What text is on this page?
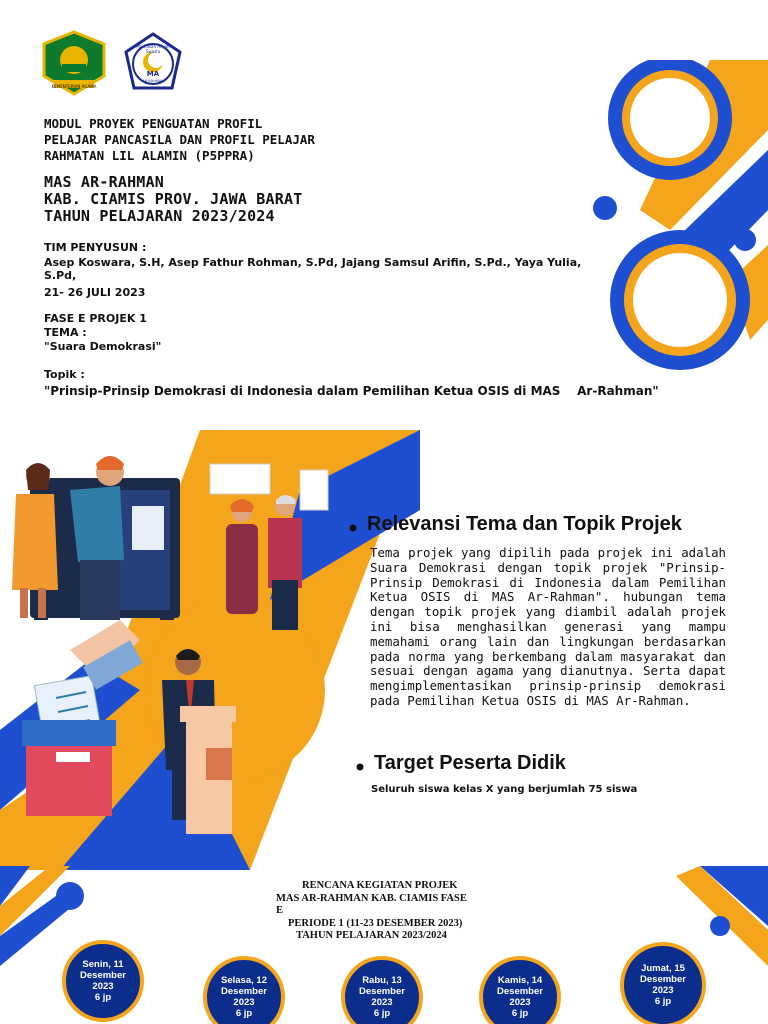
KEMENTERIAN AGAMA
Madrasah Aliyah Swasta
MA
AR-RAHMAN
MODUL PROYEK PENGUATAN PROFIL
PELAJAR PANCASILA DAN PROFIL PELAJAR
RAHMATAN LIL ALAMIN (P5PPRA)
MAS AR-RAHMAN
KAB. CIAMIS PROV. JAWA BARAT
TAHUN PELAJARAN 2023/2024
TIM PENYUSUN :
Asep Koswara, S.H, Asep Fathur Rohman, S.Pd, Jajang Samsul Arifin, S.Pd., Yaya Yulia, S.Pd,
21- 26 JULI 2023
FASE E PROJEK 1
TEMA :
"Suara Demokrasi"
Topik :
"Prinsip-Prinsip Demokrasi di Indonesia dalam Pemilihan Ketua OSIS di MAS    Ar-Rahman"
Relevansi Tema dan Topik Projek
Tema projek yang dipilih pada projek ini adalah Suara Demokrasi dengan topik projek "Prinsip-Prinsip Demokrasi di Indonesia dalam Pemilihan Ketua OSIS di MAS Ar-Rahman". hubungan tema dengan topik projek yang diambil adalah projek ini bisa menghasilkan generasi yang mampu memahami orang lain dan lingkungan berdasarkan pada norma yang berkembang dalam masyarakat dan sesuai dengan agama yang dianutnya. Serta dapat mengimplementasikan prinsip-prinsip demokrasi pada Pemilihan Ketua OSIS di MAS Ar-Rahman.
Target Peserta Didik
Seluruh siswa kelas X yang berjumlah 75 siswa
RENCANA KEGIATAN PROJEK
MAS AR-RAHMAN KAB. CIAMIS FASE
E
PERIODE 1 (11-23 DESEMBER 2023)
TAHUN PELAJARAN 2023/2024
Senin, 11
Desember
2023
6 jp
Selasa, 12
Desember
2023
6 jp
Rabu, 13
Desember
2023
6 jp
Kamis, 14
Desember
2023
6 jp
Jumat, 15
Desember
2023
6 jp
